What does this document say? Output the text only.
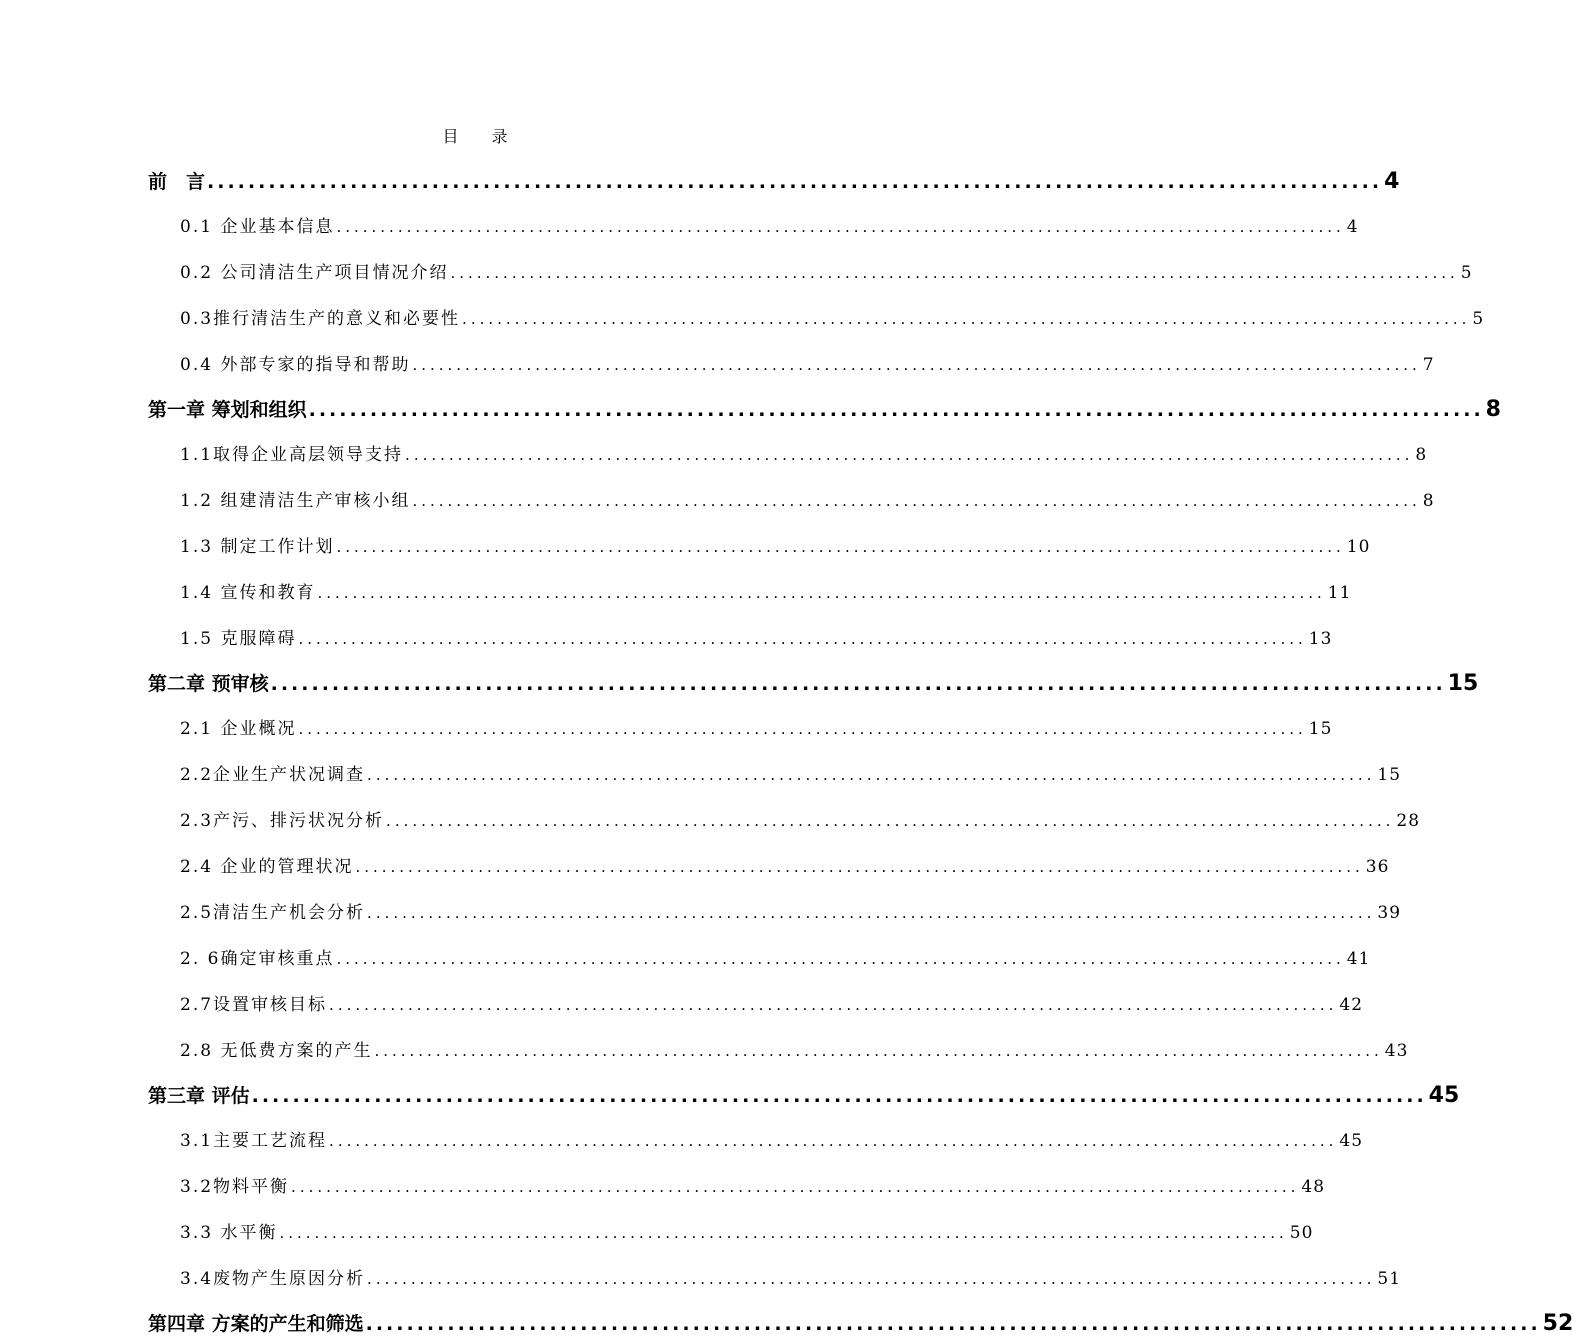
目 录
前　言 ................................................................................................................... 4
0.1 企业基本信息 ................................................................................................................... 4
0.2 公司清洁生产项目情况介绍 ................................................................................................................... 5
0.3推行清洁生产的意义和必要性 ................................................................................................................... 5
0.4 外部专家的指导和帮助 ................................................................................................................... 7
第一章 筹划和组织 ................................................................................................................... 8
1.1取得企业高层领导支持 ................................................................................................................... 8
1.2 组建清洁生产审核小组 ................................................................................................................... 8
1.3 制定工作计划 ................................................................................................................... 10
1.4 宣传和教育 ................................................................................................................... 11
1.5 克服障碍 ................................................................................................................... 13
第二章 预审核 ................................................................................................................... 15
2.1 企业概况 ................................................................................................................... 15
2.2企业生产状况调查 ................................................................................................................... 15
2.3产污、排污状况分析 ................................................................................................................... 28
2.4 企业的管理状况 ................................................................................................................... 36
2.5清洁生产机会分析 ................................................................................................................... 39
2. 6确定审核重点 ................................................................................................................... 41
2.7设置审核目标 ................................................................................................................... 42
2.8 无低费方案的产生 ................................................................................................................... 43
第三章 评估 ................................................................................................................... 45
3.1主要工艺流程 ................................................................................................................... 45
3.2物料平衡 ................................................................................................................... 48
3.3 水平衡 ................................................................................................................... 50
3.4废物产生原因分析 ................................................................................................................... 51
第四章 方案的产生和筛选 ................................................................................................................... 52
